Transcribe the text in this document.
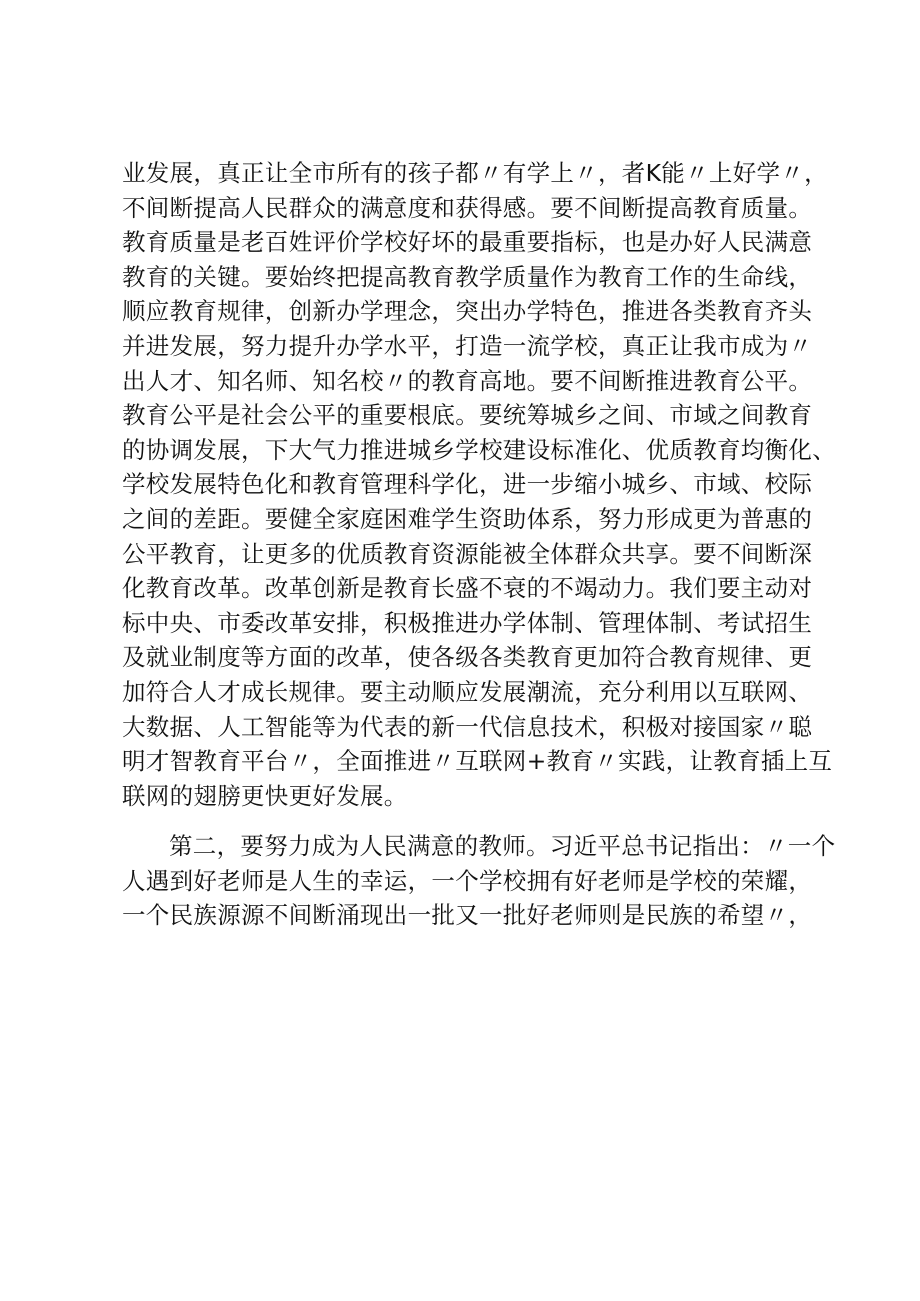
业发展，真正让全市所有的孩子都〃有学上〃，者K能〃上好学〃，

不间断提高人民群众的满意度和获得感。要不间断提高教育质量。

教育质量是老百姓评价学校好坏的最重要指标，也是办好人民满意

教育的关键。要始终把提高教育教学质量作为教育工作的生命线，

顺应教育规律，创新办学理念，突出办学特色，推进各类教育齐头

并进发展，努力提升办学水平，打造一流学校，真正让我市成为〃

出人才、知名师、知名校〃的教育高地。要不间断推进教育公平。

教育公平是社会公平的重要根底。要统筹城乡之间、市域之间教育

的协调发展，下大气力推进城乡学校建设标准化、优质教育均衡化、

学校发展特色化和教育管理科学化，进一步缩小城乡、市域、校际

之间的差距。要健全家庭困难学生资助体系，努力形成更为普惠的

公平教育，让更多的优质教育资源能被全体群众共享。要不间断深

化教育改革。改革创新是教育长盛不衰的不竭动力。我们要主动对

标中央、市委改革安排，积极推进办学体制、管理体制、考试招生

及就业制度等方面的改革，使各级各类教育更加符合教育规律、更

加符合人才成长规律。要主动顺应发展潮流，充分利用以互联网、

大数据、人工智能等为代表的新一代信息技术，积极对接国家〃聪

明才智教育平台〃，全面推进〃互联网+教育〃实践，让教育插上互

联网的翅膀更快更好发展。

第二，要努力成为人民满意的教师。习近平总书记指出：〃一个

人遇到好老师是人生的幸运，一个学校拥有好老师是学校的荣耀，

一个民族源源不间断涌现出一批又一批好老师则是民族的希望〃，
